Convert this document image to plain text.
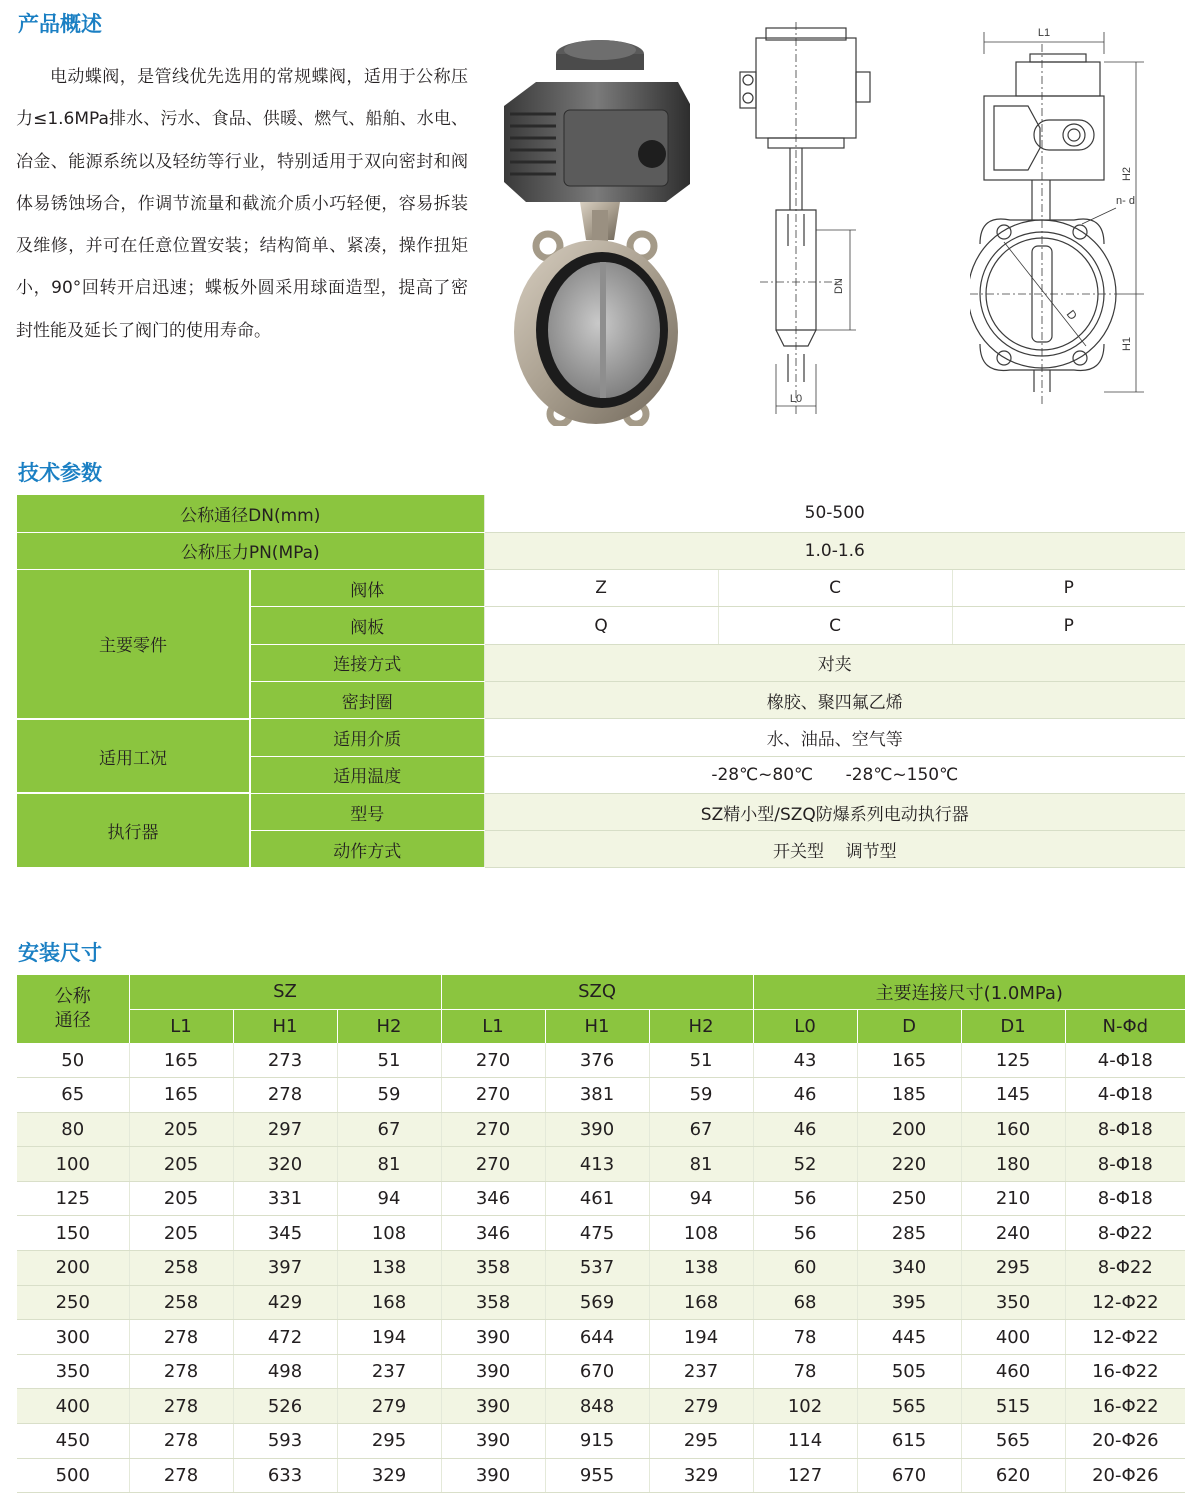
产品概述

电动蝶阀，是管线优先选用的常规蝶阀，适用于公称压力≤1.6MPa排水、污水、食品、供暖、燃气、船舶、水电、冶金、能源系统以及轻纺等行业，特别适用于双向密封和阀体易锈蚀场合，作调节流量和截流介质小巧轻便，容易拆装及维修，并可在任意位置安装；结构简单、紧凑，操作扭矩小，90°回转开启迅速；蝶板外圆采用球面造型，提高了密封性能及延长了阀门的使用寿命。

DN
L0
L1
H2
H1
n- d
D
技术参数
公称通径DN(mm)		50-500		
公称压力PN(MPa)		1.0-1.6		
主要零件	阀体	Z	C	P
	阀板	Q	C	P
	连接方式	对夹		
	密封圈	橡胶、聚四氟乙烯		
适用工况	适用介质	水、油品、空气等		
	适用温度	-28℃~80℃      -28℃~150℃		
执行器	型号	SZ精小型/SZQ防爆系列电动执行器		
	动作方式	开关型    调节型		
安装尺寸
公称
通径	SZ			SZQ			主要连接尺寸(1.0MPa)			
	L1	H1	H2	L1	H1	H2	L0	D	D1	N-Φd
50	165	273	51	270	376	51	43	165	125	4-Φ18
65	165	278	59	270	381	59	46	185	145	4-Φ18
80	205	297	67	270	390	67	46	200	160	8-Φ18
100	205	320	81	270	413	81	52	220	180	8-Φ18
125	205	331	94	346	461	94	56	250	210	8-Φ18
150	205	345	108	346	475	108	56	285	240	8-Φ22
200	258	397	138	358	537	138	60	340	295	8-Φ22
250	258	429	168	358	569	168	68	395	350	12-Φ22
300	278	472	194	390	644	194	78	445	400	12-Φ22
350	278	498	237	390	670	237	78	505	460	16-Φ22
400	278	526	279	390	848	279	102	565	515	16-Φ22
450	278	593	295	390	915	295	114	615	565	20-Φ26
500	278	633	329	390	955	329	127	670	620	20-Φ26
